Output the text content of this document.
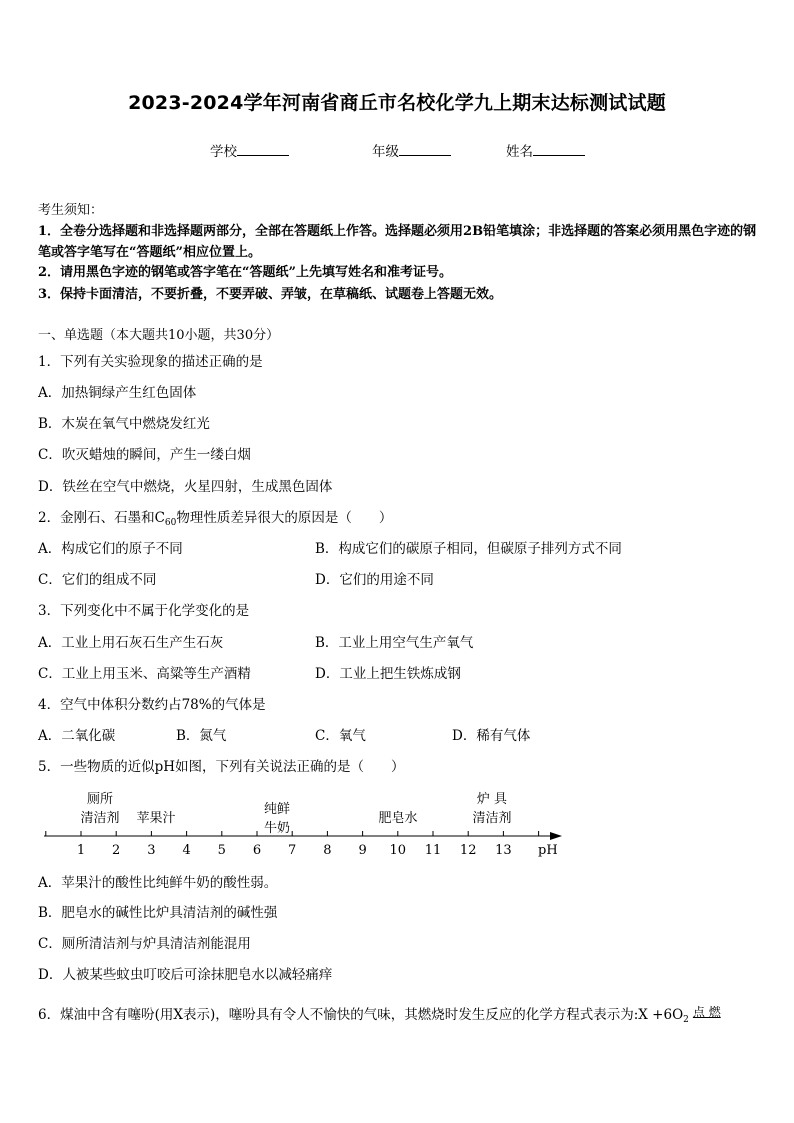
2023-2024学年河南省商丘市名校化学九上期末达标测试试题
学校	年级	姓名
考生须知：
1．全卷分选择题和非选择题两部分，全部在答题纸上作答。选择题必须用2B铅笔填涂；非选择题的答案必须用黑色字迹的钢笔或答字笔写在“答题纸”相应位置上。
2．请用黑色字迹的钢笔或答字笔在“答题纸”上先填写姓名和准考证号。
3．保持卡面清洁，不要折叠，不要弄破、弄皱，在草稿纸、试题卷上答题无效。
一、单选题（本大题共10小题，共30分）
1．下列有关实验现象的描述正确的是
A．加热铜绿产生红色固体
B．木炭在氧气中燃烧发红光
C．吹灭蜡烛的瞬间，产生一缕白烟
D．铁丝在空气中燃烧，火星四射，生成黑色固体
2．金刚石、石墨和$C_{60}$物理性质差异很大的原因是（　　）
A．构成它们的原子不同	B．构成它们的碳原子相同，但碳原子排列方式不同
C．它们的组成不同	D．它们的用途不同
3．下列变化中不属于化学变化的是
A．工业上用石灰石生产生石灰	B．工业上用空气生产氧气
C．工业上用玉米、高粱等生产酒精	D．工业上把生铁炼成钢
4．空气中体积分数约占78%的气体是
A．二氧化碳	B．氮气	C．氧气	D．稀有气体
5．一些物质的近似pH如图，下列有关说法正确的是（　　）
厕所
清洁剂 苹果汁
纯鲜
牛奶
肥皂水
炉 具
清洁剂
1 2 3 4 5 6 7 8 9 10 11 12 13 pH
A．苹果汁的酸性比纯鲜牛奶的酸性弱。
B．肥皂水的碱性比炉具清洁剂的碱性强
C．厕所清洁剂与炉具清洁剂能混用
D．人被某些蚊虫叮咬后可涂抹肥皂水以减轻痛痒
6．煤油中含有噻吩(用X表示)，噻吩具有令人不愉快的气味，其燃烧时发生反应的化学方程式表示为:X $+6O_2$点 燃
